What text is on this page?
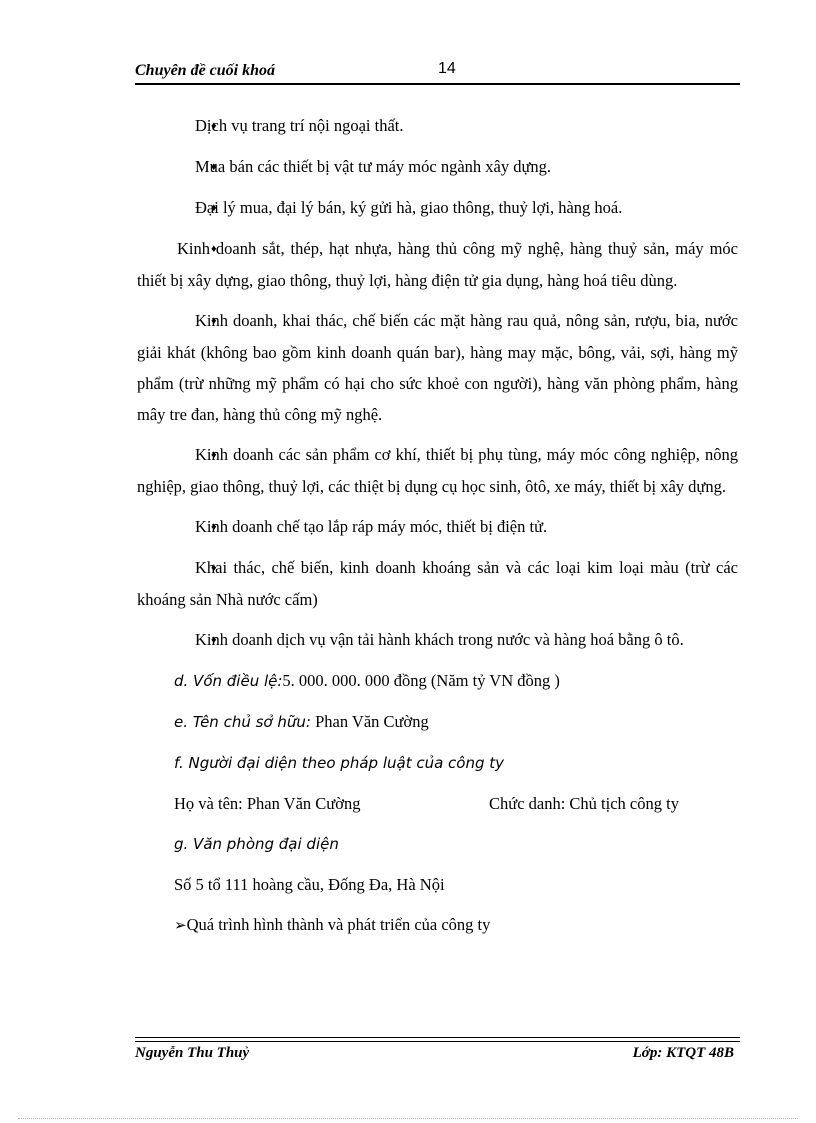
Chuyên đề cuối khoá	14

♦ Dịch vụ trang trí nội ngoại thất.

♦ Mua bán các thiết bị vật tư máy móc ngành xây dựng.

♦ Đại lý mua, đại lý bán, ký gửi hà, giao thông, thuỷ lợi, hàng hoá.

♦ Kinh doanh sắt, thép, hạt nhựa, hàng thủ công mỹ nghệ, hàng thuỷ sản, máy móc thiết bị xây dựng, giao thông, thuỷ lợi, hàng điện tử gia dụng, hàng hoá tiêu dùng.

♦ Kinh doanh, khai thác, chế biến các mặt hàng rau quả, nông sản, rượu, bia, nước giải khát (không bao gồm kinh doanh quán bar), hàng may mặc, bông, vải, sợi, hàng mỹ phẩm (trừ những mỹ phẩm có hại cho sức khoẻ con người), hàng văn phòng phẩm, hàng mây tre đan, hàng thủ công mỹ nghệ.

♦ Kinh doanh các sản phẩm cơ khí, thiết bị phụ tùng, máy móc công nghiệp, nông nghiệp, giao thông, thuỷ lợi, các thiệt bị dụng cụ học sinh, ôtô, xe máy, thiết bị xây dựng.

♦ Kinh doanh chế tạo lắp ráp máy móc, thiết bị điện tử.

♦ Khai thác, chế biến, kinh doanh khoáng sản và các loại kim loại màu (trừ các khoáng sản Nhà nước cấm)

♦ Kinh doanh dịch vụ vận tải hành khách trong nước và hàng hoá bằng ô tô.

d. Vốn điều lệ:5. 000. 000. 000 đồng (Năm tỷ VN đồng )

e. Tên chủ sở hữu: Phan Văn Cường

f. Người đại diện theo pháp luật của công ty

Họ và tên: Phan Văn Cường	Chức danh: Chủ tịch công ty

g. Văn phòng đại diện

Số 5 tổ 111 hoàng cầu, Đống Đa, Hà Nội

➢ Quá trình hình thành và phát triển của công ty

Nguyễn Thu Thuỷ	Lớp: KTQT 48B
